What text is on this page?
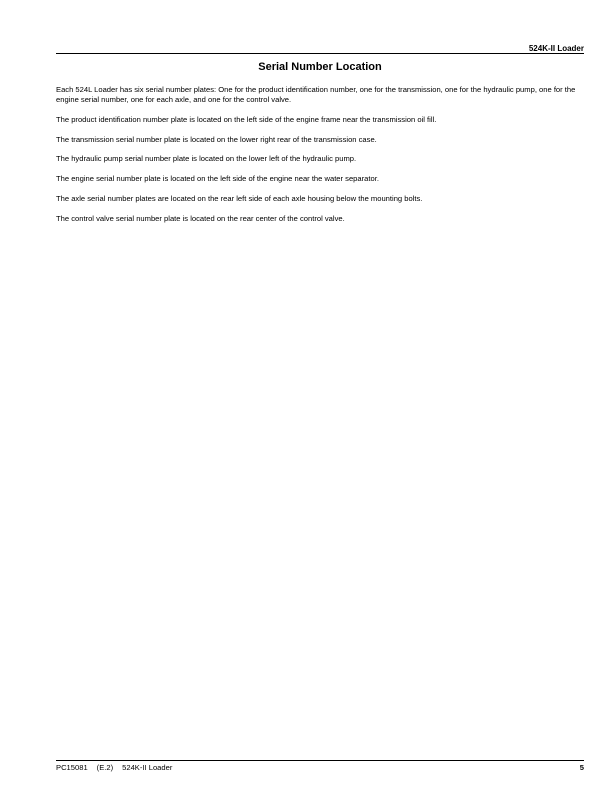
524K-II Loader
Serial Number Location

Each 524L Loader has six serial number plates: One for the product identification number, one for the transmission, one for the hydraulic pump, one for the engine serial number, one for each axle, and one for the control valve.

The product identification number plate is located on the left side of the engine frame near the transmission oil fill.

The transmission serial number plate is located on the lower right rear of the transmission case.

The hydraulic pump serial number plate is located on the lower left of the hydraulic pump.

The engine serial number plate is located on the left side of the engine near the water separator.

The axle serial number plates are located on the rear left side of each axle housing below the mounting bolts.

The control valve serial number plate is located on the rear center of the control valve.

PC15081 (E.2) 524K-II Loader	5
